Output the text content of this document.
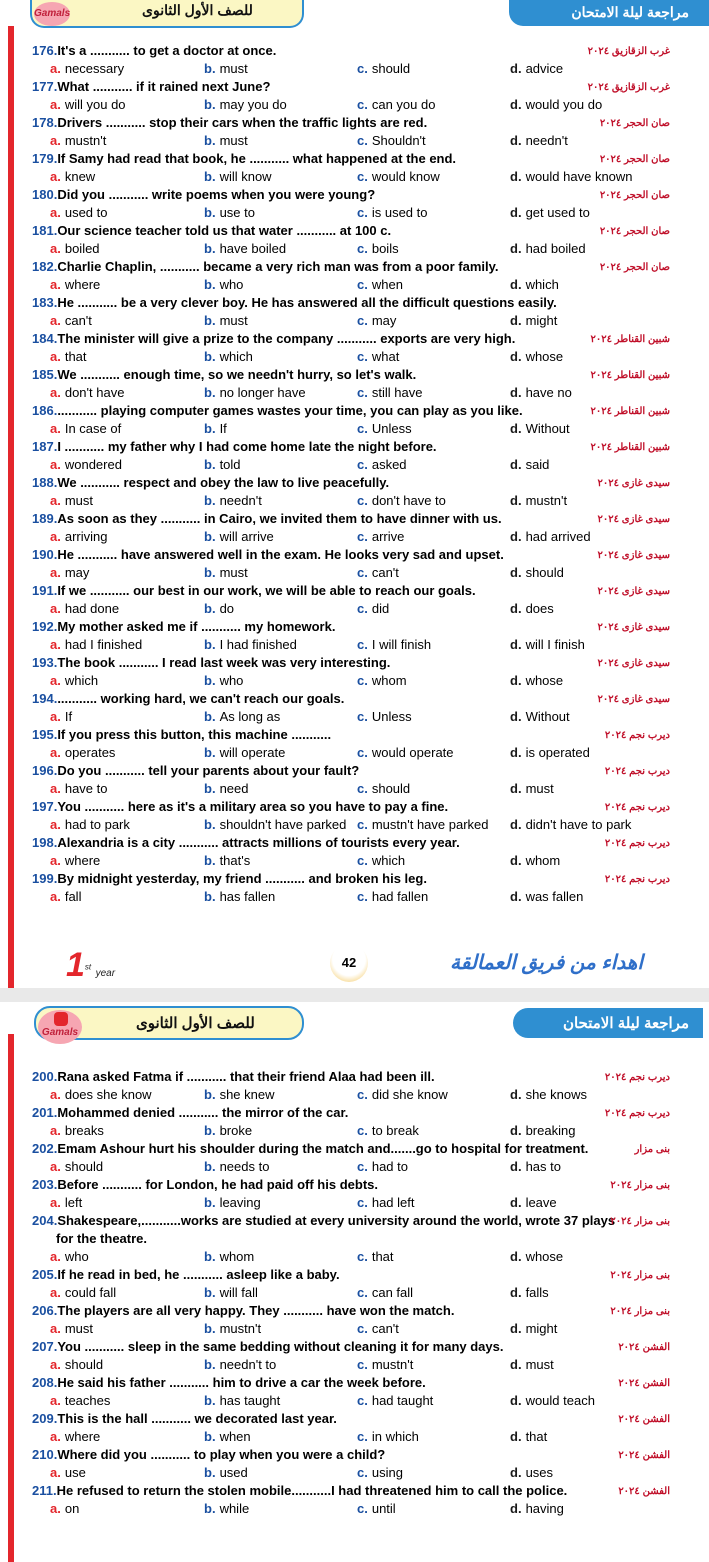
للصف الأول الثانوى
Gamals	مراجعة ليلة الامتحان
176.It's a ........... to get a doctor at once.	غرب الزقازيق ٢٠٢٤
a. necessary	b. must	c. should	d. advice
177.What ........... if it rained next June?	غرب الزقازيق ٢٠٢٤
a. will you do	b. may you do	c. can you do	d. would you do
178.Drivers ........... stop their cars when the traffic lights are red.	صان الحجر ٢٠٢٤
a. mustn't	b. must	c. Shouldn't	d. needn't
179.If Samy had read that book, he ........... what happened at the end.	صان الحجر ٢٠٢٤
a. knew	b. will know	c. would know	d. would have known
180.Did you ........... write poems when you were young?	صان الحجر ٢٠٢٤
a. used to	b. use to	c. is used to	d. get used to
181.Our science teacher told us that water ........... at 100 c.	صان الحجر ٢٠٢٤
a. boiled	b. have boiled	c. boils	d. had boiled
182.Charlie Chaplin, ........... became a very rich man was from a poor family.	صان الحجر ٢٠٢٤
a. where	b. who	c. when	d. which
183.He ........... be a very clever boy. He has answered all the difficult questions easily.
a. can't	b. must	c. may	d. might
184.The minister will give a prize to the company ........... exports are very high.	شبين القناطر ٢٠٢٤
a. that	b. which	c. what	d. whose
185.We ........... enough time, so we needn't hurry, so let's walk.	شبين القناطر ٢٠٢٤
a. don't have	b. no longer have	c. still have	d. have no
186............ playing computer games wastes your time, you can play as you like.	شبين القناطر ٢٠٢٤
a. In case of	b. If	c. Unless	d. Without
187.I ........... my father why I had come home late the night before.	شبين القناطر ٢٠٢٤
a. wondered	b. told	c. asked	d. said
188.We ........... respect and obey the law to live peacefully.	سيدى غازى ٢٠٢٤
a. must	b. needn't	c. don't have to	d. mustn't
189.As soon as they ........... in Cairo, we invited them to have dinner with us.	سيدى غازى ٢٠٢٤
a. arriving	b. will arrive	c. arrive	d. had arrived
190.He ........... have answered well in the exam. He looks very sad and upset.	سيدى غازى ٢٠٢٤
a. may	b. must	c. can't	d. should
191.If we ........... our best in our work, we will be able to reach our goals.	سيدى غازى ٢٠٢٤
a. had done	b. do	c. did	d. does
192.My mother asked me if ........... my homework.	سيدى غازى ٢٠٢٤
a. had I finished	b. I had finished	c. I will finish	d. will I finish
193.The book ........... I read last week was very interesting.	سيدى غازى ٢٠٢٤
a. which	b. who	c. whom	d. whose
194............ working hard, we can't reach our goals.	سيدى غازى ٢٠٢٤
a. If	b. As long as	c. Unless	d. Without
195.If you press this button, this machine ...........	ديرب نجم ٢٠٢٤
a. operates	b. will operate	c. would operate	d. is operated
196.Do you ........... tell your parents about your fault?	ديرب نجم ٢٠٢٤
a. have to	b. need	c. should	d. must
197.You ........... here as it's a military area so you have to pay a fine.	ديرب نجم ٢٠٢٤
a. had to park	b. shouldn't have parked c. mustn't have parked d. didn't have to park
198.Alexandria is a city ........... attracts millions of tourists every year.	ديرب نجم ٢٠٢٤
a. where	b. that's	c. which	d. whom
199.By midnight yesterday, my friend ........... and broken his leg.	ديرب نجم ٢٠٢٤
a. fall	b. has fallen	c. had fallen	d. was fallen
1st year
42	اهداء من فريق العمالقة
للصف الأول الثانوى
Gamals
مراجعة ليلة الامتحان
200.Rana asked Fatma if ........... that their friend Alaa had been ill.	ديرب نجم ٢٠٢٤
a. does she know	b. she knew	c. did she know	d. she knows
201.Mohammed denied ........... the mirror of the car.	ديرب نجم ٢٠٢٤
a. breaks	b. broke	c. to break	d. breaking
202.Emam Ashour hurt his shoulder during the match and.......go to hospital for treatment.	بنى مزار
a. should	b. needs to	c. had to	d. has to
203.Before ........... for London, he had paid off his debts.	بنى مزار ٢٠٢٤
a. left	b. leaving	c. had left	d. leave
204.Shakespeare,...........works are studied at every university around the world, wrote 37 plays
بنى مزار ٢٠٢٤
for the theatre.
a. who	b. whom	c. that	d. whose
205.If he read in bed, he ........... asleep like a baby.	بنى مزار ٢٠٢٤
a. could fall	b. will fall	c. can fall	d. falls
206.The players are all very happy. They ........... have won the match.	بنى مزار ٢٠٢٤
a. must	b. mustn't	c. can't	d. might
207.You ........... sleep in the same bedding without cleaning it for many days.	الفشن ٢٠٢٤
a. should	b. needn't to	c. mustn't	d. must
208.He said his father ........... him to drive a car the week before.	الفشن ٢٠٢٤
a. teaches	b. has taught	c. had taught	d. would teach
209.This is the hall ........... we decorated last year.	الفشن ٢٠٢٤
a. where	b. when	c. in which	d. that
210.Where did you ........... to play when you were a child?	الفشن ٢٠٢٤
a. use	b. used	c. using	d. uses
211.He refused to return the stolen mobile...........I had threatened him to call the police.	الفشن ٢٠٢٤
a. on	b. while	c. until	d. having
